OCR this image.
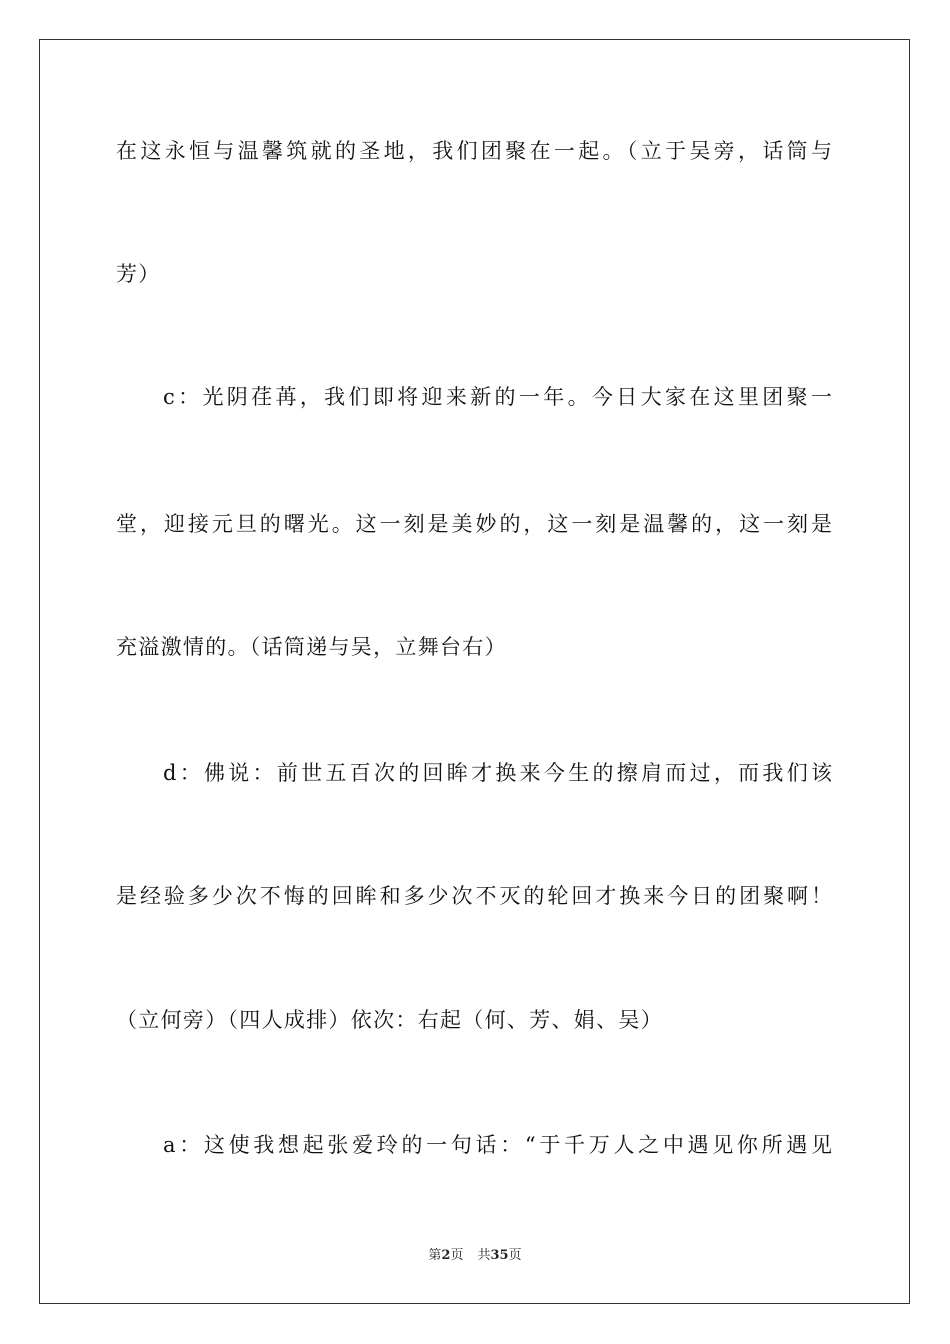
在这永恒与温馨筑就的圣地，我们团聚在一起。（立于吴旁，话筒与
芳）
c：光阴荏苒，我们即将迎来新的一年。今日大家在这里团聚一
堂，迎接元旦的曙光。这一刻是美妙的，这一刻是温馨的，这一刻是
充溢激情的。（话筒递与吴，立舞台右）
d：佛说：前世五百次的回眸才换来今生的擦肩而过，而我们该
是经验多少次不悔的回眸和多少次不灭的轮回才换来今日的团聚啊！
（立何旁）（四人成排）依次：右起（何、芳、娟、吴）
a：这使我想起张爱玲的一句话：“于千万人之中遇见你所遇见
第2页 共35页
